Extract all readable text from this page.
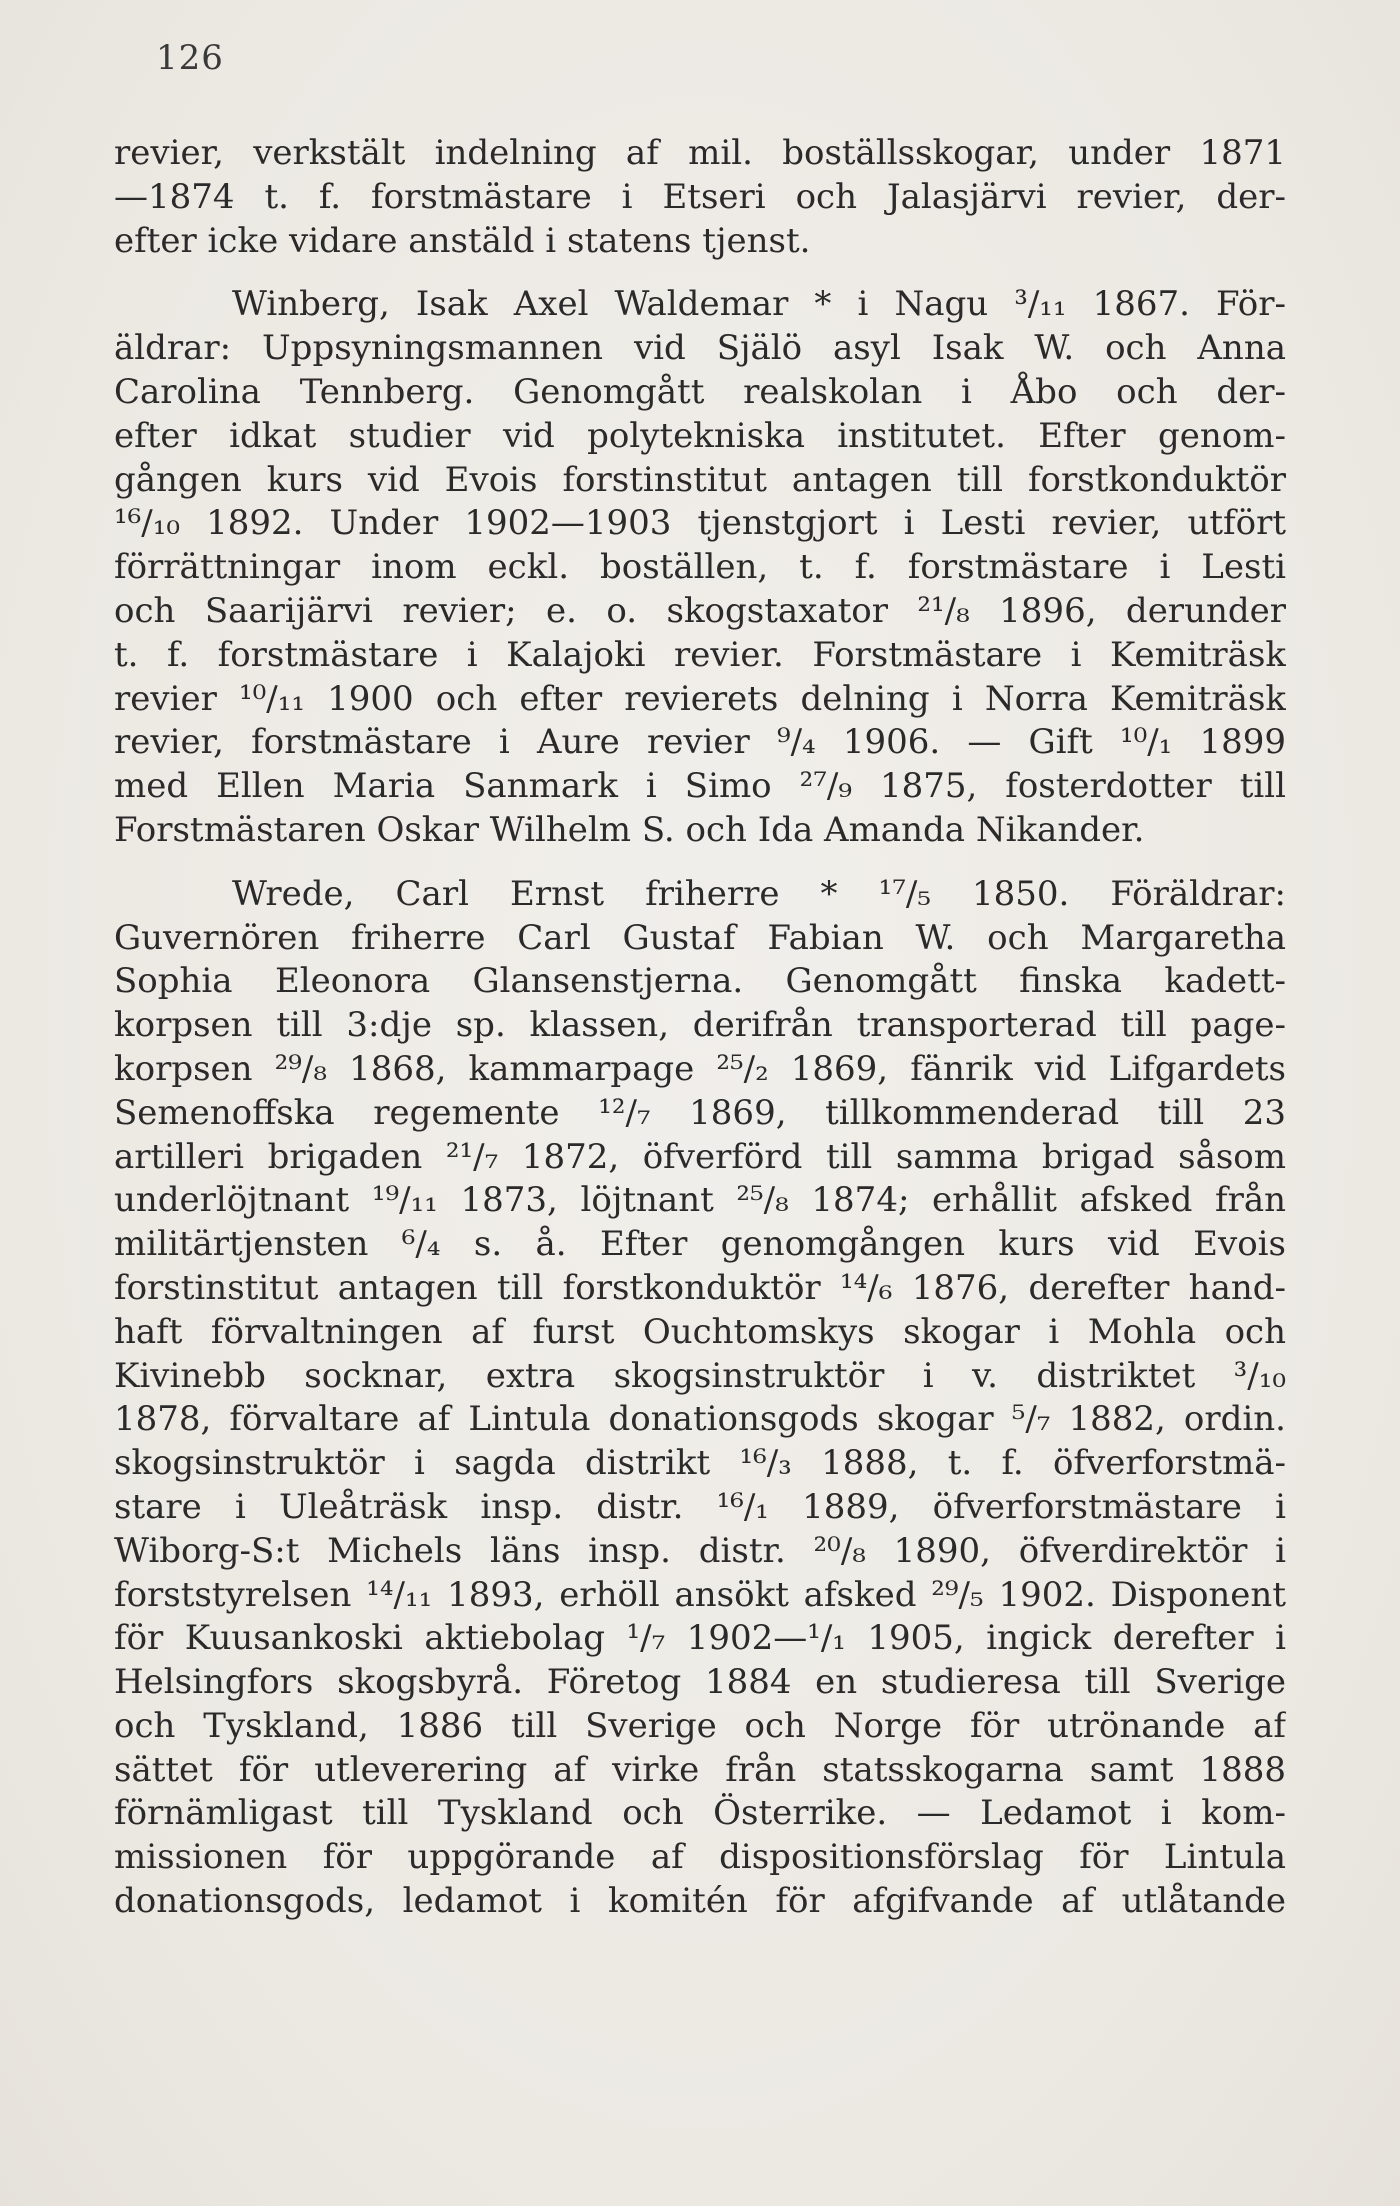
126
revier, verkstält indelning af mil. boställsskogar, under 1871
—1874 t. f. forstmästare i Etseri och Jalasjärvi revier, der-
efter icke vidare anstäld i statens tjenst.
Winberg, Isak Axel Waldemar * i Nagu ³/₁₁ 1867. För-
äldrar: Uppsyningsmannen vid Själö asyl Isak W. och Anna
Carolina Tennberg. Genomgått realskolan i Åbo och der-
efter idkat studier vid polytekniska institutet. Efter genom-
gången kurs vid Evois forstinstitut antagen till forstkonduktör
¹⁶/₁₀ 1892. Under 1902—1903 tjenstgjort i Lesti revier, utfört
förrättningar inom eckl. boställen, t. f. forstmästare i Lesti
och Saarijärvi revier; e. o. skogstaxator ²¹/₈ 1896, derunder
t. f. forstmästare i Kalajoki revier. Forstmästare i Kemiträsk
revier ¹⁰/₁₁ 1900 och efter revierets delning i Norra Kemiträsk
revier, forstmästare i Aure revier ⁹/₄ 1906. — Gift ¹⁰/₁ 1899
med Ellen Maria Sanmark i Simo ²⁷/₉ 1875, fosterdotter till
Forstmästaren Oskar Wilhelm S. och Ida Amanda Nikander.
Wrede, Carl Ernst friherre * ¹⁷/₅ 1850. Föräldrar:
Guvernören friherre Carl Gustaf Fabian W. och Margaretha
Sophia Eleonora Glansenstjerna. Genomgått finska kadett-
korpsen till 3:dje sp. klassen, derifrån transporterad till page-
korpsen ²⁹/₈ 1868, kammarpage ²⁵/₂ 1869, fänrik vid Lifgardets
Semenoffska regemente ¹²/₇ 1869, tillkommenderad till 23
artilleri brigaden ²¹/₇ 1872, öfverförd till samma brigad såsom
underlöjtnant ¹⁹/₁₁ 1873, löjtnant ²⁵/₈ 1874; erhållit afsked från
militärtjensten ⁶/₄ s. å. Efter genomgången kurs vid Evois
forstinstitut antagen till forstkonduktör ¹⁴/₆ 1876, derefter hand-
haft förvaltningen af furst Ouchtomskys skogar i Mohla och
Kivinebb socknar, extra skogsinstruktör i v. distriktet ³/₁₀
1878, förvaltare af Lintula donationsgods skogar ⁵/₇ 1882, ordin.
skogsinstruktör i sagda distrikt ¹⁶/₃ 1888, t. f. öfverforstmä-
stare i Uleåträsk insp. distr. ¹⁶/₁ 1889, öfverforstmästare i
Wiborg-S:t Michels läns insp. distr. ²⁰/₈ 1890, öfverdirektör i
forststyrelsen ¹⁴/₁₁ 1893, erhöll ansökt afsked ²⁹/₅ 1902. Disponent
för Kuusankoski aktiebolag ¹/₇ 1902—¹/₁ 1905, ingick derefter i
Helsingfors skogsbyrå. Företog 1884 en studieresa till Sverige
och Tyskland, 1886 till Sverige och Norge för utrönande af
sättet för utleverering af virke från statsskogarna samt 1888
förnämligast till Tyskland och Österrike. — Ledamot i kom-
missionen för uppgörande af dispositionsförslag för Lintula
donationsgods, ledamot i komitén för afgifvande af utlåtande
